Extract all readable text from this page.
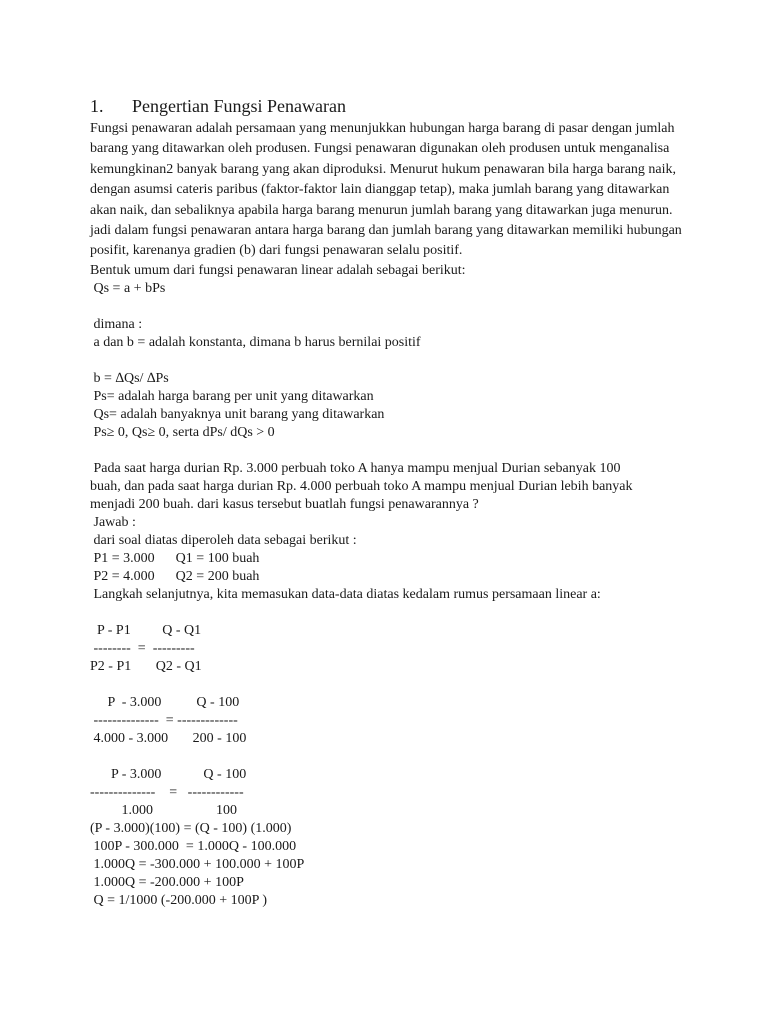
1. Pengertian Fungsi Penawaran

Fungsi penawaran adalah persamaan yang menunjukkan hubungan harga barang di pasar dengan jumlah barang yang ditawarkan oleh produsen. Fungsi penawaran digunakan oleh produsen untuk menganalisa kemungkinan2 banyak barang yang akan diproduksi. Menurut hukum penawaran bila harga barang naik, dengan asumsi cateris paribus (faktor-faktor lain dianggap tetap), maka jumlah barang yang ditawarkan akan naik, dan sebaliknya apabila harga barang menurun jumlah barang yang ditawarkan juga menurun. jadi dalam fungsi penawaran antara harga barang dan jumlah barang yang ditawarkan memiliki hubungan posifit, karenanya gradien (b) dari fungsi penawaran selalu positif.

Bentuk umum dari fungsi penawaran linear adalah sebagai berikut:
Qs = a + bPs
dimana :
a dan b = adalah konstanta, dimana b harus bernilai positif
b = ∆Qs/ ∆Ps
Ps= adalah harga barang per unit yang ditawarkan
Qs= adalah banyaknya unit barang yang ditawarkan
Ps≥ 0, Qs≥ 0, serta dPs/ dQs > 0
Pada saat harga durian Rp. 3.000 perbuah toko A hanya mampu menjual Durian sebanyak 100
buah, dan pada saat harga durian Rp. 4.000 perbuah toko A mampu menjual Durian lebih banyak
menjadi 200 buah. dari kasus tersebut buatlah fungsi penawarannya ?
Jawab :
dari soal diatas diperoleh data sebagai berikut :
P1 = 3.000      Q1 = 100 buah
P2 = 4.000      Q2 = 200 buah
Langkah selanjutnya, kita memasukan data-data diatas kedalam rumus persamaan linear a:
P - P1         Q - Q1
--------  =  ---------
P2 - P1       Q2 - Q1
P  - 3.000          Q - 100
--------------  = -------------
4.000 - 3.000       200 - 100
P - 3.000            Q - 100
--------------    =   ------------
1.000                  100
(P - 3.000)(100) = (Q - 100) (1.000)
100P - 300.000  = 1.000Q - 100.000
1.000Q = -300.000 + 100.000 + 100P
1.000Q = -200.000 + 100P
Q = 1/1000 (-200.000 + 100P )
